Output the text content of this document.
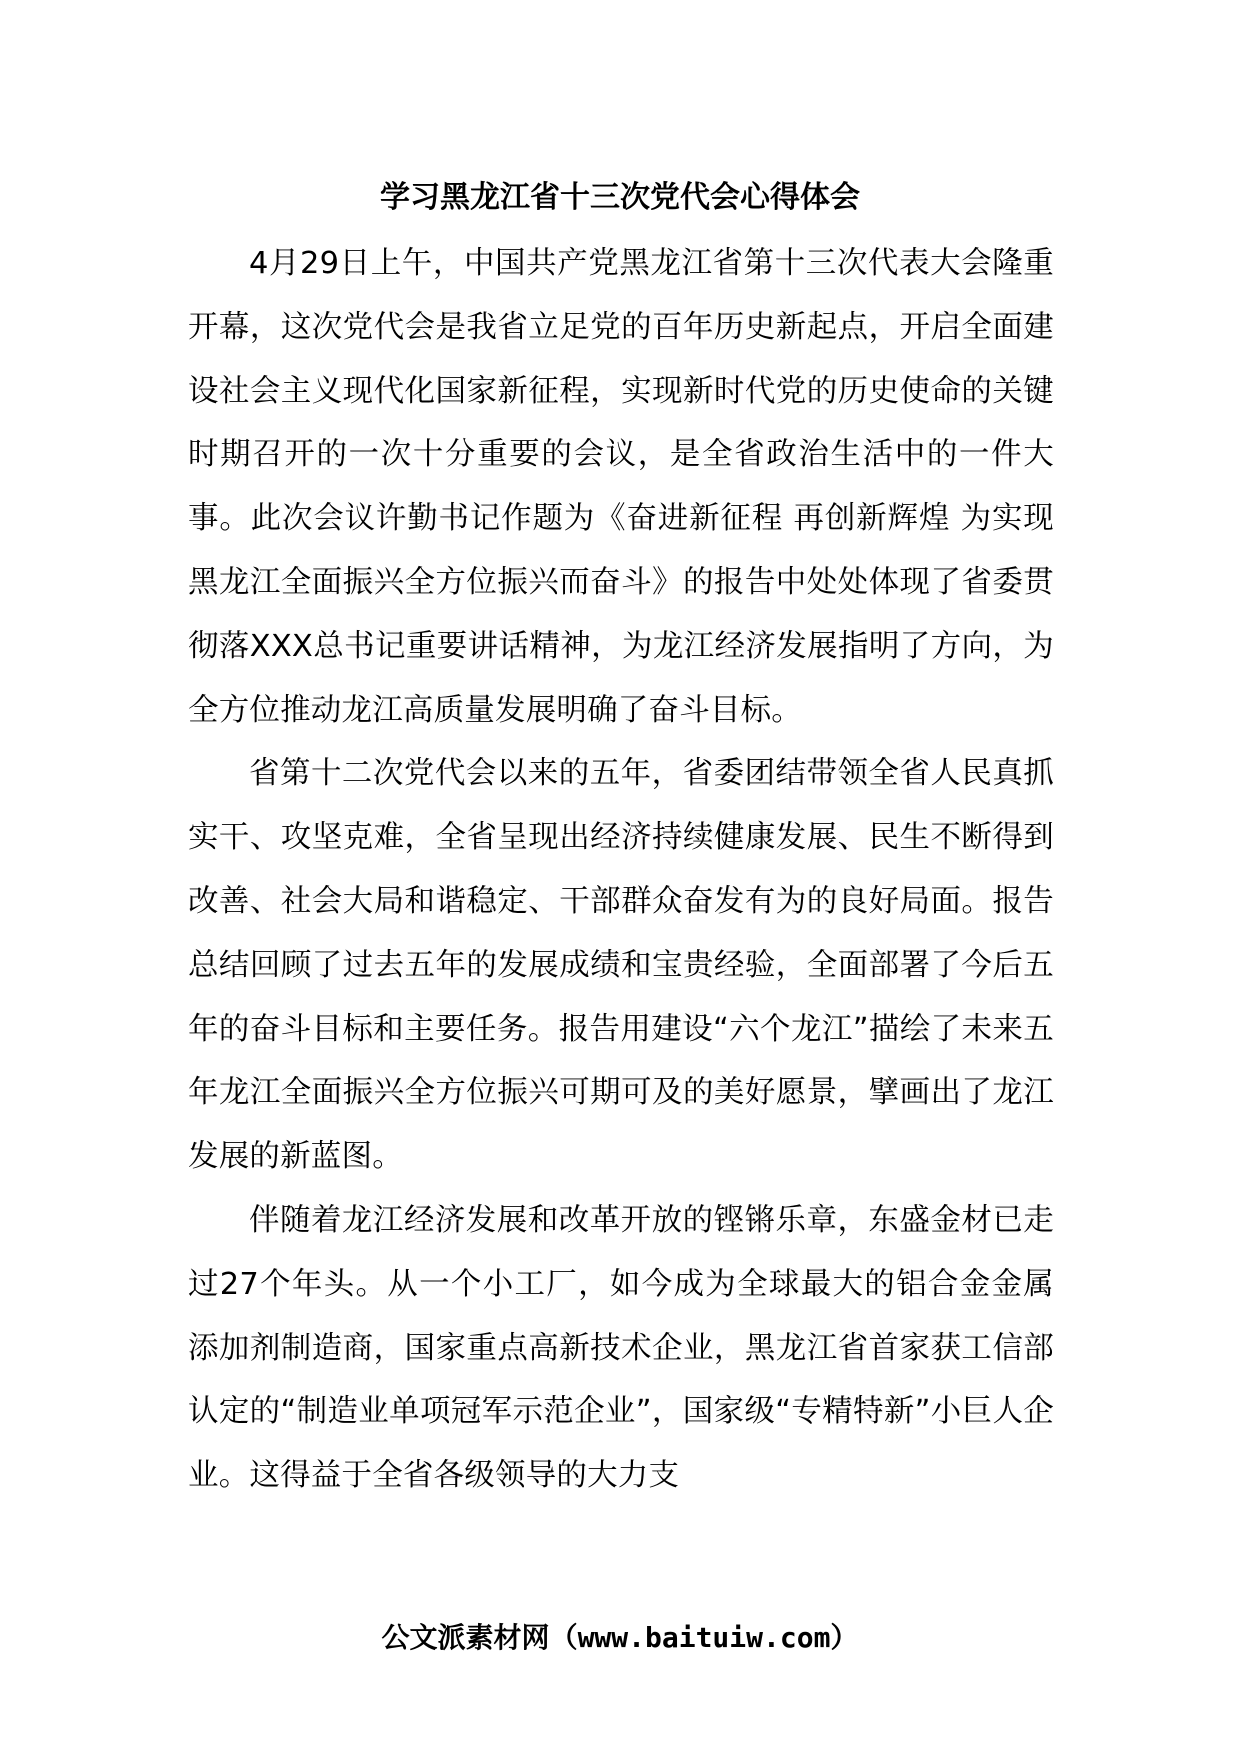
学习黑龙江省十三次党代会心得体会

4月29日上午，中国共产党黑龙江省第十三次代表大会隆重开幕，这次党代会是我省立足党的百年历史新起点，开启全面建设社会主义现代化国家新征程，实现新时代党的历史使命的关键时期召开的一次十分重要的会议，是全省政治生活中的一件大事。此次会议许勤书记作题为《奋进新征程 再创新辉煌 为实现黑龙江全面振兴全方位振兴而奋斗》的报告中处处体现了省委贯彻落XXX总书记重要讲话精神，为龙江经济发展指明了方向，为全方位推动龙江高质量发展明确了奋斗目标。

省第十二次党代会以来的五年，省委团结带领全省人民真抓实干、攻坚克难，全省呈现出经济持续健康发展、民生不断得到改善、社会大局和谐稳定、干部群众奋发有为的良好局面。报告总结回顾了过去五年的发展成绩和宝贵经验，全面部署了今后五年的奋斗目标和主要任务。报告用建设“六个龙江”描绘了未来五年龙江全面振兴全方位振兴可期可及的美好愿景，擘画出了龙江发展的新蓝图。

伴随着龙江经济发展和改革开放的铿锵乐章，东盛金材已走过27个年头。从一个小工厂，如今成为全球最大的铝合金金属添加剂制造商，国家重点高新技术企业，黑龙江省首家获工信部认定的“制造业单项冠军示范企业”，国家级“专精特新”小巨人企业。这得益于全省各级领导的大力支

公文派素材网（www.baituiw.com）
